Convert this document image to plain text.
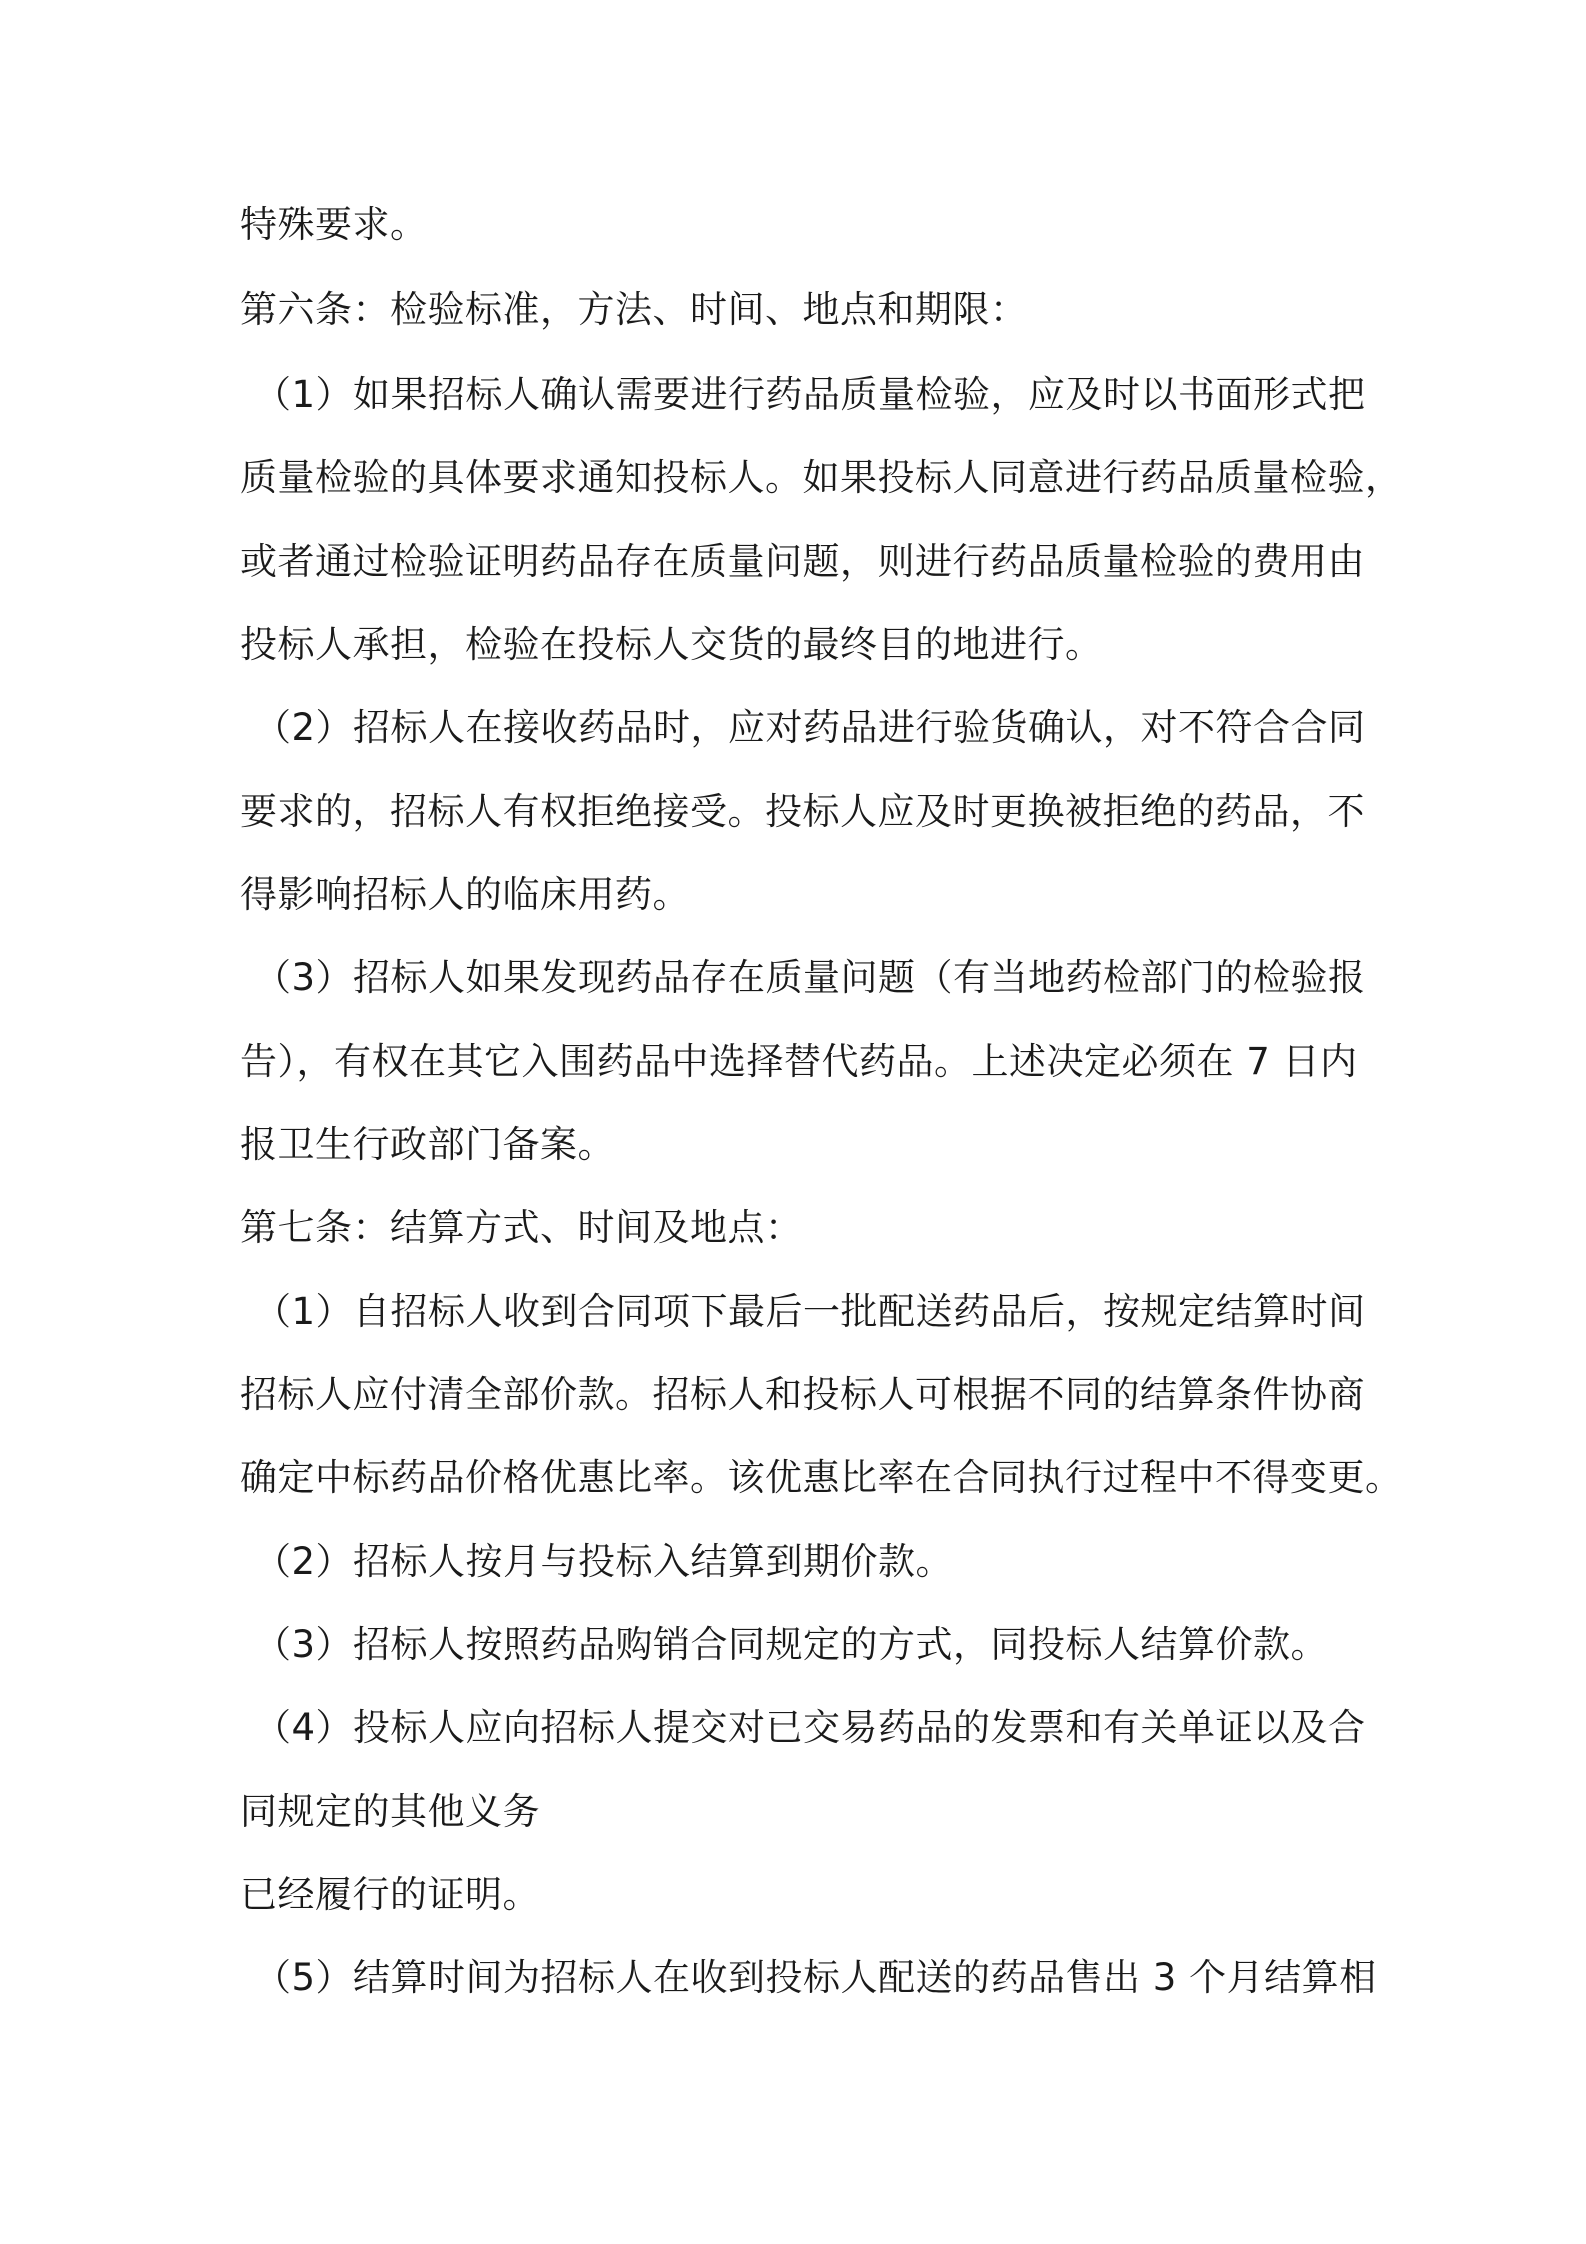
特殊要求。
第六条：检验标准，方法、时间、地点和期限：
（1）如果招标人确认需要进行药品质量检验，应及时以书面形式把
质量检验的具体要求通知投标人。如果投标人同意进行药品质量检验，
或者通过检验证明药品存在质量问题，则进行药品质量检验的费用由
投标人承担，检验在投标人交货的最终目的地进行。
（2）招标人在接收药品时，应对药品进行验货确认，对不符合合同
要求的，招标人有权拒绝接受。投标人应及时更换被拒绝的药品，不
得影响招标人的临床用药。
（3）招标人如果发现药品存在质量问题（有当地药检部门的检验报
告），有权在其它入围药品中选择替代药品。上述决定必须在 7 日内
报卫生行政部门备案。
第七条：结算方式、时间及地点：
（1）自招标人收到合同项下最后一批配送药品后，按规定结算时间
招标人应付清全部价款。招标人和投标人可根据不同的结算条件协商
确定中标药品价格优惠比率。该优惠比率在合同执行过程中不得变更。
（2）招标人按月与投标入结算到期价款。
（3）招标人按照药品购销合同规定的方式，同投标人结算价款。
（4）投标人应向招标人提交对已交易药品的发票和有关单证以及合
同规定的其他义务
已经履行的证明。
（5）结算时间为招标人在收到投标人配送的药品售出 3 个月结算相
